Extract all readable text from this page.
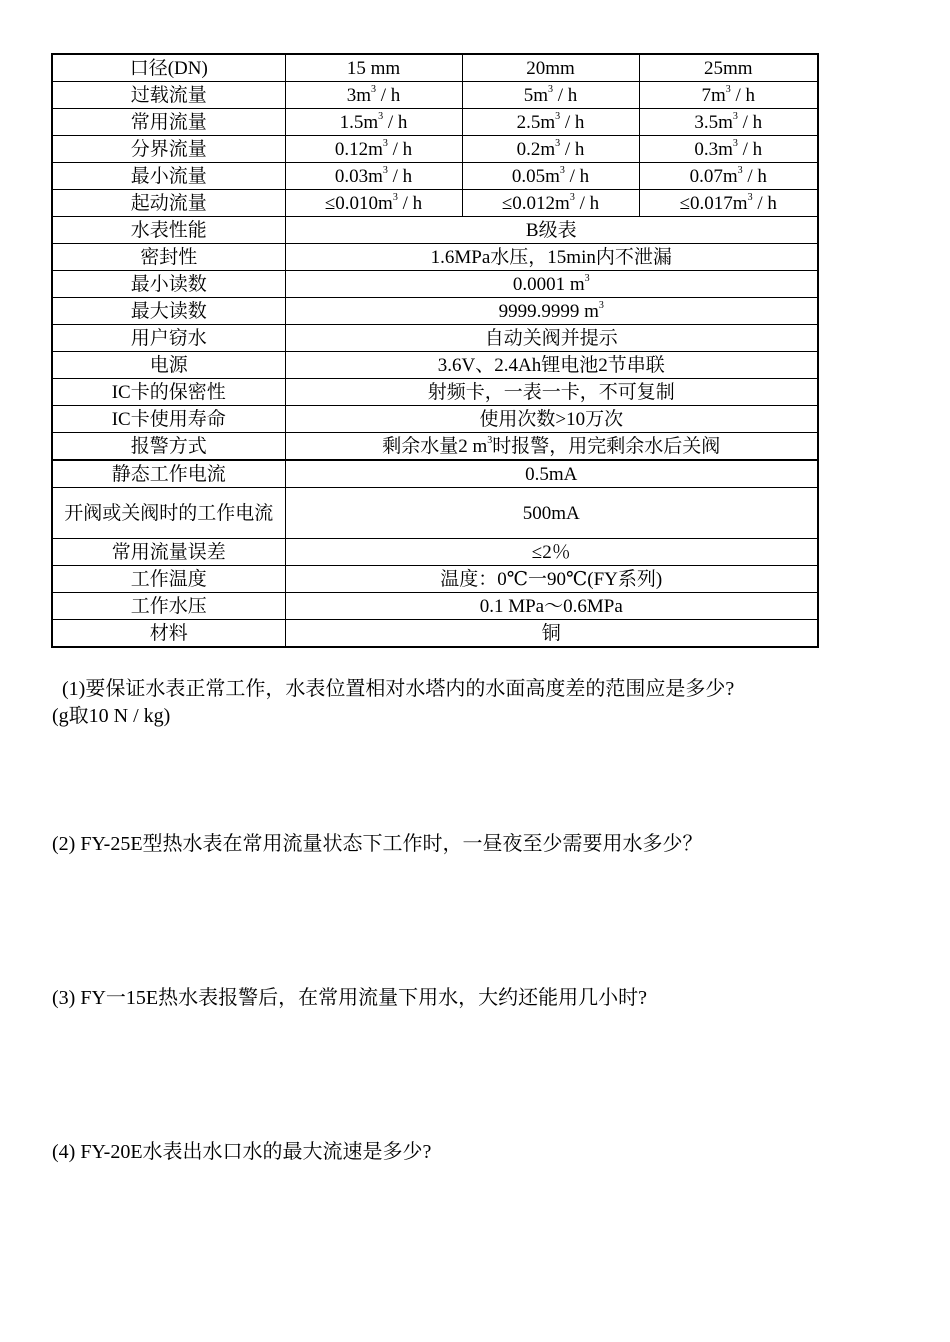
口径(DN)	15 mm	20mm	25mm
过载流量	$3m^3$ / h	$5m^3$ / h	$7m^3$ / h
常用流量	$1.5m^3$ / h	$2.5m^3$ / h	$3.5m^3$ / h
分界流量	$0.12m^3$ / h	$0.2m^3$ / h	$0.3m^3$ / h
最小流量	$0.03m^3$ / h	$0.05m^3$ / h	$0.07m^3$ / h
起动流量	$\le 0.010m^3 / h$	$\le 0.012m^3 / h$	$\le 0.017m^3 / h$
水表性能	B级表		
密封性	1.6MPa水压，15min内不泄漏		
最小读数	0.0001 $m^3$
最大读数	9999.9999 $m^3$
用户窃水	自动关阀并提示		
电源	3.6V、2.4Ah锂电池2节串联		
IC卡的保密性	射频卡，一表一卡，不可复制		
IC卡使用寿命	使用次数>10万次		
报警方式	剩余水量2 $m^3$时报警，用完剩余水后关阀		
静态工作电流	0.5mA		
开阀或关阀时的工作电流	500mA		
常用流量误差	≤2％		
工作温度	温度：0℃一90℃(FY系列)		
工作水压	0.1 MPa～0.6MPa		
材料	铜		
(1)要保证水表正常工作，水表位置相对水塔内的水面高度差的范围应是多少?
(g取10 N / kg)
(2) FY-25E型热水表在常用流量状态下工作时，一昼夜至少需要用水多少？
(3) FY一15E热水表报警后，在常用流量下用水，大约还能用几小时?
(4) FY-20E水表出水口水的最大流速是多少?
